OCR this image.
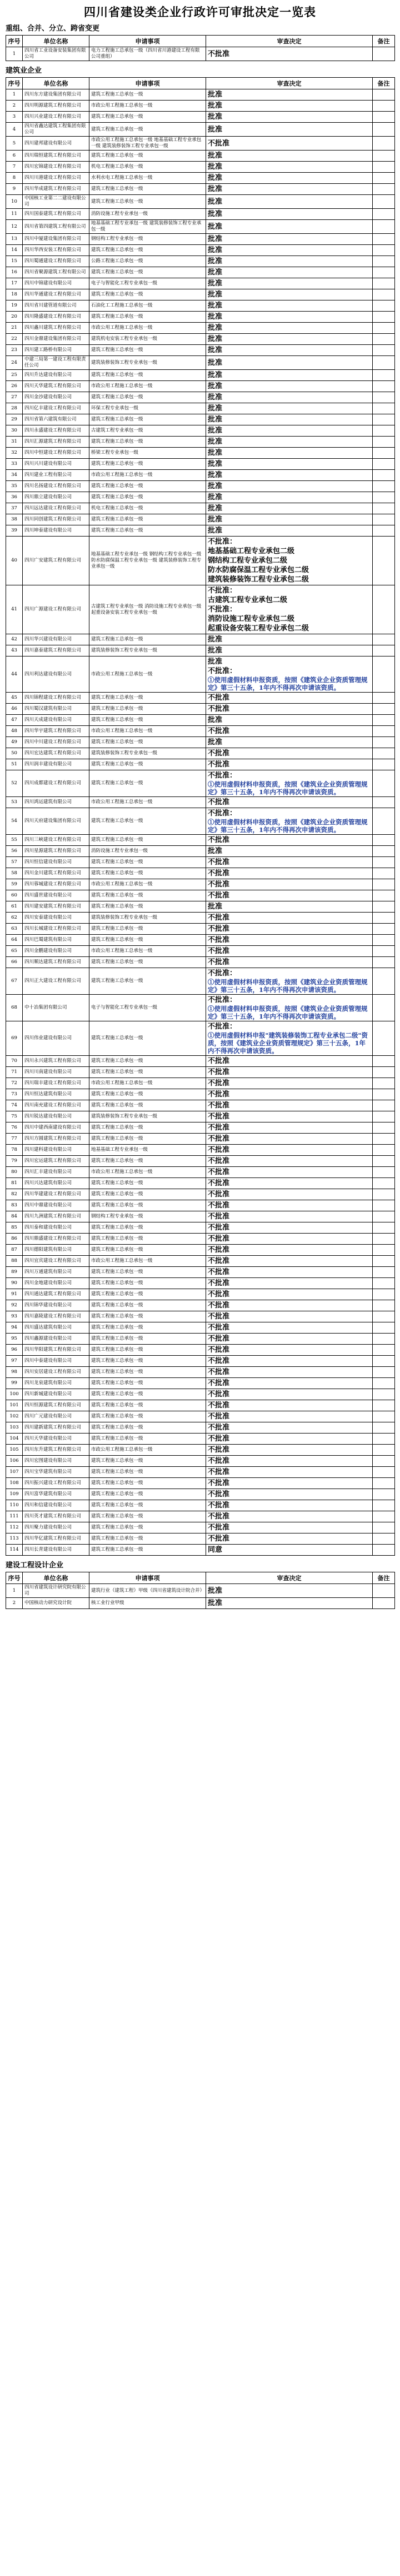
四川省建设类企业行政许可审批决定一览表
重组、合并、分立、跨省变更
序号	单位名称	申请事项	审查决定	备注
1	四川省工业设备安装集团有限公司	电力工程施工总承包一级（四川省川港建设工程有限公司重组）	不批准	

建筑业企业
序号	单位名称	申请事项	审查决定	备注
1	四川东方建设集团有限公司	建筑工程施工总承包一级	批准	

2	四川明源建筑工程有限公司	市政公用工程施工总承包一级	批准	

3	四川兴业建设工程有限公司	建筑工程施工总承包一级	批准	

4	四川省鑫达建筑工程集团有限公司	建筑工程施工总承包一级	批准	

5	四川建邦建设有限公司	市政公用工程施工总承包一级 地基基础工程专业承包一级 建筑装修装饰工程专业承包一级	不批准	

6	四川瑞恒建筑工程有限公司	建筑工程施工总承包一级	批准	

7	四川宏锦建设工程有限公司	机电工程施工总承包一级	批准	

8	四川川港建设工程有限公司	水利水电工程施工总承包一级	批准	

9	四川华成建筑工程有限公司	建筑工程施工总承包一级	批准	

10	中国核工业第二二建设有限公司	建筑工程施工总承包一级	批准	

11	四川国泰建筑工程有限公司	消防设施工程专业承包一级	批准	

12	四川省第四建筑工程有限公司	地基基础工程专业承包一级 建筑装修装饰工程专业承包一级	批准	

13	四川中厦建设集团有限公司	钢结构工程专业承包一级	批准	

14	四川华西安装工程有限公司	建筑工程施工总承包一级	批准	

15	四川蜀通建设工程有限公司	公路工程施工总承包一级	批准	

16	四川省聚源建筑工程有限公司	建筑工程施工总承包一级	批准	

17	四川中锦建设有限公司	电子与智能化工程专业承包一级	批准	

18	四川华通建设工程有限公司	建筑工程施工总承包一级	批准	

19	四川省川建管道有限公司	石油化工工程施工总承包一级	批准	

20	四川隆盛建设工程有限公司	建筑工程施工总承包一级	批准	

21	四川鑫川建筑工程有限公司	市政公用工程施工总承包一级	批准	

22	四川金鼎建设集团有限公司	建筑机电安装工程专业承包一级	批准	

23	四川建工路桥有限公司	建筑工程施工总承包一级	批准	

24	中建三局第一建设工程有限责任公司	建筑装修装饰工程专业承包一级	批准	

25	四川升达建设有限公司	建筑工程施工总承包一级	批准	

26	四川天华建筑工程有限公司	市政公用工程施工总承包一级	批准	

27	四川金沙建设有限公司	建筑工程施工总承包一级	批准	

28	四川亿丰建设工程有限公司	环保工程专业承包一级	批准	

29	四川省第六建筑有限公司	建筑工程施工总承包一级	批准	

30	四川永盛建设工程有限公司	古建筑工程专业承包一级	批准	

31	四川汇源建筑工程有限公司	建筑工程施工总承包一级	批准	

32	四川中恒建设工程有限公司	桥梁工程专业承包一级	批准	

33	四川兴川建设有限公司	建筑工程施工总承包一级	批准	

34	四川建业工程有限公司	市政公用工程施工总承包一级	批准	

35	四川名扬建设工程有限公司	建筑工程施工总承包一级	批准	

36	四川鼎立建设有限公司	建筑工程施工总承包一级	批准	

37	四川远达建设工程有限公司	机电工程施工总承包一级	批准	

38	四川同创建筑工程有限公司	建筑工程施工总承包一级	批准	

39	四川坤泰建设有限公司	建筑工程施工总承包一级	批准	

40	四川广安建筑工程有限公司	地基基础工程专业承包一级 钢结构工程专业承包一级 防水防腐保温工程专业承包一级 建筑装修装饰工程专业承包一级	不批准：
地基基础工程专业承包二级
钢结构工程专业承包二级
防水防腐保温工程专业承包二级
建筑装修装饰工程专业承包二级	

41	四川广源建设工程有限公司	古建筑工程专业承包一级 消防设施工程专业承包一级 起重设备安装工程专业承包一级	不批准：
古建筑工程专业承包二级
不批准：
消防设施工程专业承包二级
起重设备安装工程专业承包二级	

42	四川华兴建设有限公司	建筑工程施工总承包一级	批准	

43	四川嘉泰建筑工程有限公司	建筑装修装饰工程专业承包一级	批准	

44	四川利达建设有限公司	市政公用工程施工总承包一级	批准
不批准：
①使用虚假材料申报资质，按照《建筑业企业资质管理规定》第三十五条，1年内不得再次申请该资质。	

45	四川锦程建设工程有限公司	建筑工程施工总承包一级	不批准	

46	四川蜀汉建筑有限公司	建筑工程施工总承包一级	不批准	

47	四川天成建设有限公司	建筑工程施工总承包一级	批准	

48	四川华宇建筑工程有限公司	市政公用工程施工总承包一级	不批准	

49	四川中川建设工程有限公司	建筑工程施工总承包一级	批准	

50	四川宏达建筑工程有限公司	建筑装修装饰工程专业承包一级	不批准	

51	四川润丰建设有限公司	建筑工程施工总承包一级	不批准	

52	四川成都建设工程有限公司	建筑工程施工总承包一级	不批准：
①使用虚假材料申报资质，按照《建筑业企业资质管理规定》第三十五条，1年内不得再次申请该资质。	

53	四川鸿运建筑有限公司	市政公用工程施工总承包一级	不批准	

54	四川天府建设集团有限公司	建筑工程施工总承包一级	不批准：
①使用虚假材料申报资质，按照《建筑业企业资质管理规定》第三十五条，1年内不得再次申请该资质。	

55	四川三峡建设工程有限公司	建筑工程施工总承包一级	不批准	

56	四川星源建筑工程有限公司	消防设施工程专业承包一级	批准	

57	四川恒信建设有限公司	建筑工程施工总承包一级	不批准	

58	四川金川建筑工程有限公司	建筑工程施工总承包一级	不批准	

59	四川蓉城建设工程有限公司	市政公用工程施工总承包一级	不批准	

60	四川盛世建设有限公司	建筑工程施工总承包一级	不批准	

61	四川建安建筑工程有限公司	建筑工程施工总承包一级	批准	

62	四川安泰建设有限公司	建筑装修装饰工程专业承包一级	不批准	

63	四川长城建设工程有限公司	建筑工程施工总承包一级	不批准	

64	四川巴蜀建筑有限公司	建筑工程施工总承包一级	不批准	

65	四川金鹏建设有限公司	市政公用工程施工总承包一级	不批准	

66	四川顺达建筑工程有限公司	建筑工程施工总承包一级	不批准	

67	四川正大建设工程有限公司	建筑工程施工总承包一级	不批准：
①使用虚假材料申报资质，按照《建筑业企业资质管理规定》第三十五条，1年内不得再次申请该资质。	

68	中十冶集团有限公司	电子与智能化工程专业承包一级	不批准：
①使用虚假材料申报资质，按照《建筑业企业资质管理规定》第三十五条，1年内不得再次申请该资质。	

69	四川伟业建设有限公司	建筑工程施工总承包一级	不批准：
①使用虚假材料申报"建筑装修装饰工程专业承包二级"资质，按照《建筑业企业资质管理规定》第三十五条，1年内不得再次申请该资质。	

70	四川永兴建筑工程有限公司	建筑工程施工总承包一级	不批准	

71	四川川南建设有限公司	建筑工程施工总承包一级	不批准	

72	四川瑞丰建设工程有限公司	市政公用工程施工总承包一级	不批准	

73	四川恒达建筑有限公司	建筑工程施工总承包一级	不批准	

74	四川南充建设工程有限公司	建筑工程施工总承包一级	不批准	

75	四川锐达建设有限公司	建筑装修装饰工程专业承包一级	不批准	

76	四川中建西南建设有限公司	建筑工程施工总承包一级	不批准	

77	四川方圆建筑工程有限公司	建筑工程施工总承包一级	不批准	

78	四川建科建设有限公司	地基基础工程专业承包一级	不批准	

79	四川宏运建筑工程有限公司	建筑工程施工总承包一级	不批准	

80	四川汇丰建设有限公司	市政公用工程施工总承包一级	不批准	

81	四川兴达建筑有限公司	建筑工程施工总承包一级	不批准	

82	四川华建建设工程有限公司	建筑工程施工总承包一级	不批准	

83	四川中鼎建设有限公司	建筑工程施工总承包一级	不批准	

84	四川九洲建筑工程有限公司	钢结构工程专业承包一级	不批准	

85	四川泰和建设有限公司	建筑工程施工总承包一级	不批准	

86	四川鼎盛建设工程有限公司	建筑工程施工总承包一级	不批准	

87	四川德阳建筑有限公司	建筑工程施工总承包一级	不批准	

88	四川宜宾建设工程有限公司	市政公用工程施工总承包一级	不批准	

89	四川万通建筑有限公司	建筑工程施工总承包一级	不批准	

90	四川金地建设有限公司	建筑工程施工总承包一级	不批准	

91	四川通达建筑工程有限公司	建筑工程施工总承包一级	不批准	

92	四川锦华建设有限公司	建筑工程施工总承包一级	不批准	

93	四川嘉陵建设工程有限公司	建筑工程施工总承包一级	不批准	

94	四川盛达建筑有限公司	建筑工程施工总承包一级	不批准	

95	四川鑫源建设有限公司	建筑工程施工总承包一级	不批准	

96	四川华阳建筑工程有限公司	建筑工程施工总承包一级	不批准	

97	四川中泰建设有限公司	建筑工程施工总承包一级	不批准	

98	四川安居建设工程有限公司	建筑工程施工总承包一级	不批准	

99	四川龙泉建筑有限公司	建筑工程施工总承包一级	不批准	

100	四川新城建设有限公司	建筑工程施工总承包一级	不批准	

101	四川恒源建筑工程有限公司	建筑工程施工总承包一级	不批准	

102	四川广元建设有限公司	建筑工程施工总承包一级	不批准	

103	四川建新建筑工程有限公司	建筑工程施工总承包一级	不批准	

104	四川天华建设有限公司	建筑工程施工总承包一级	不批准	

105	四川东升建筑工程有限公司	市政公用工程施工总承包一级	不批准	

106	四川宏图建设有限公司	建筑工程施工总承包一级	不批准	

107	四川宝华建筑有限公司	建筑工程施工总承包一级	不批准	

108	四川振兴建设工程有限公司	建筑工程施工总承包一级	不批准	

109	四川富华建筑有限公司	建筑工程施工总承包一级	不批准	

110	四川和信建设有限公司	建筑工程施工总承包一级	不批准	

111	四川英才建筑工程有限公司	建筑工程施工总承包一级	不批准	

112	四川聚力建设有限公司	建筑工程施工总承包一级	不批准	

113	四川华亿建筑工程有限公司	建筑工程施工总承包一级	不批准	

114	四川长青建设有限公司	建筑工程施工总承包一级	同意	

建设工程设计企业
序号	单位名称	申请事项	审查决定	备注
1	四川省建筑设计研究院有限公司	建筑行业（建筑工程）甲级（四川省建筑设计院合并）	批准	

2	中国核动力研究设计院	核工业行业甲级	批准	
